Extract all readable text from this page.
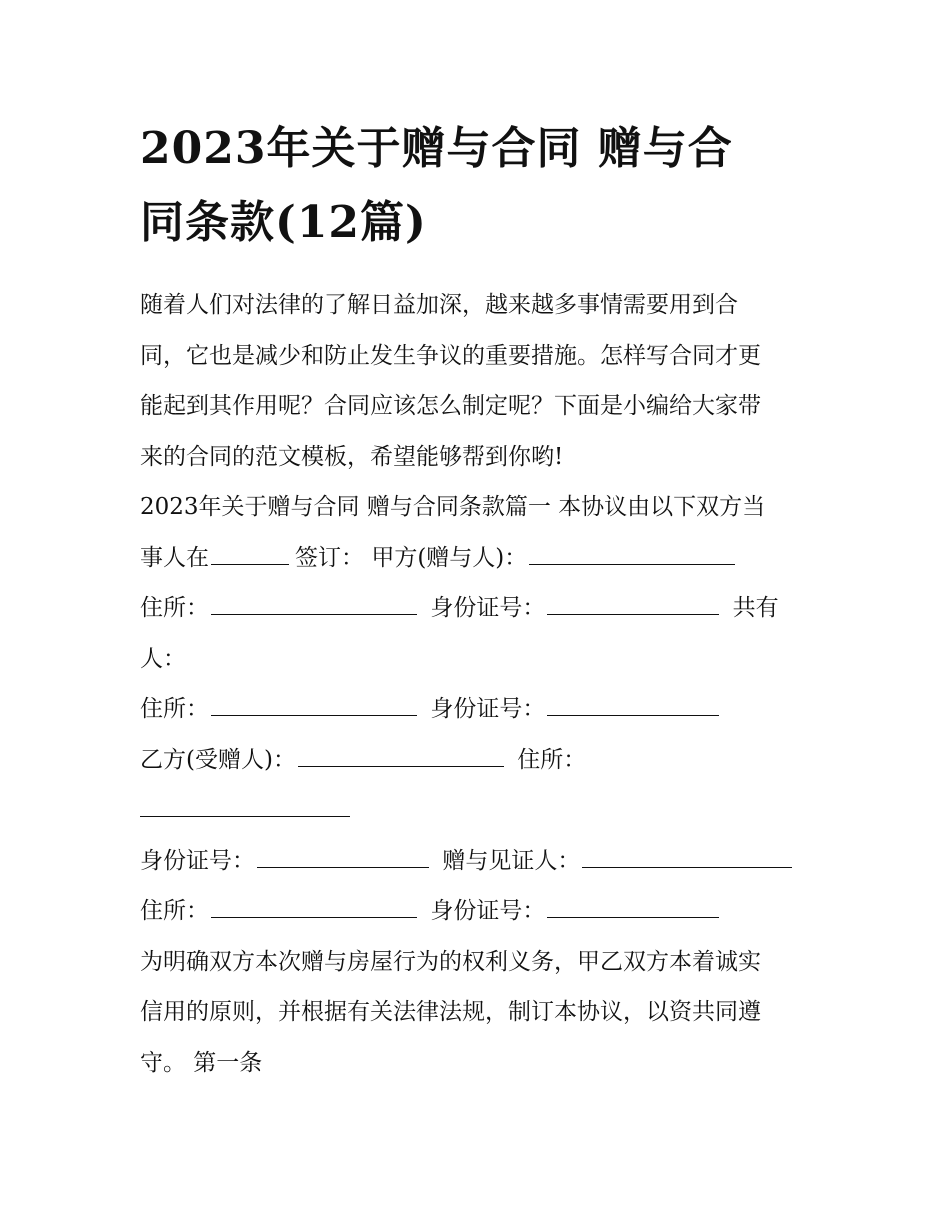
2023年关于赠与合同 赠与合
同条款(12篇)
随着人们对法律的了解日益加深，越来越多事情需要用到合
同，它也是减少和防止发生争议的重要措施。怎样写合同才更
能起到其作用呢？合同应该怎么制定呢？下面是小编给大家带
来的合同的范文模板，希望能够帮到你哟!
2023年关于赠与合同 赠与合同条款篇一 本协议由以下双方当
事人在	签订： 甲方(赠与人)：
住所：	身份证号：	共有
人：
住所：	身份证号：
乙方(受赠人)：	住所：
身份证号：	赠与见证人：
住所：	身份证号：
为明确双方本次赠与房屋行为的权利义务，甲乙双方本着诚实
信用的原则，并根据有关法律法规，制订本协议，以资共同遵
守。 第一条
